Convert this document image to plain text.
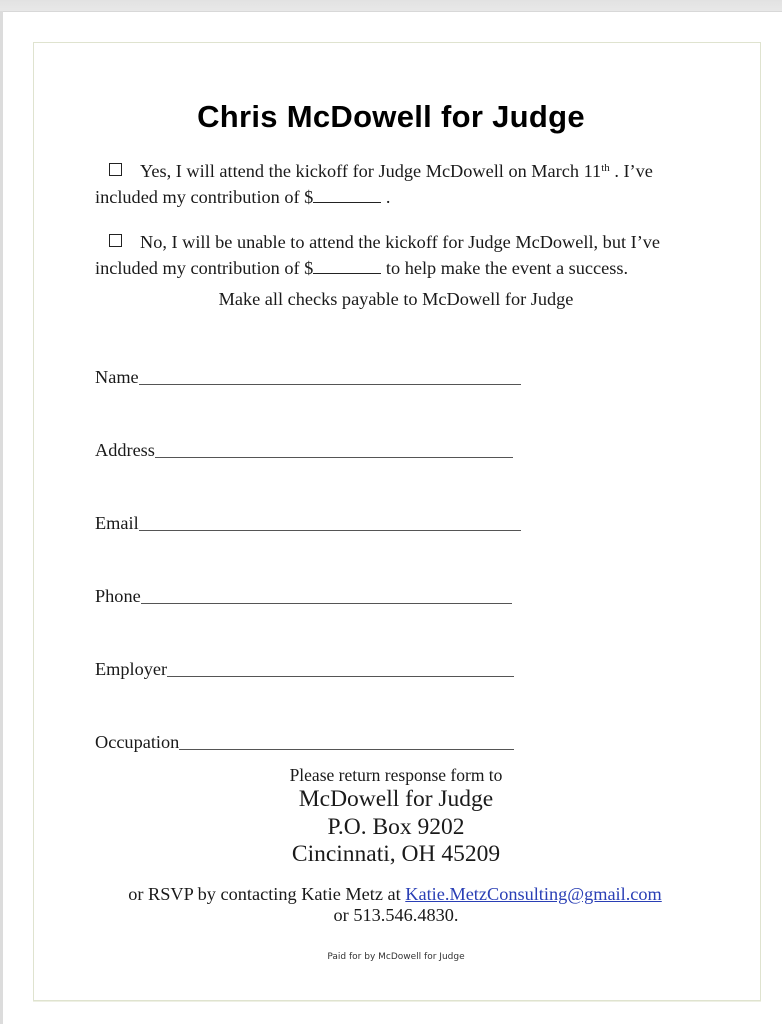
Chris McDowell for Judge
Yes, I will attend the kickoff for Judge McDowell on March 11th . I’ve
included my contribution of $	.
No, I will be unable to attend the kickoff for Judge McDowell, but I’ve
included my contribution of $	to help make the event a success.
Make all checks payable to McDowell for Judge
Name
Address
Email
Phone
Employer
Occupation
Please return response form to
McDowell for Judge
P.O. Box 9202
Cincinnati, OH 45209
or RSVP by contacting Katie Metz at Katie.MetzConsulting@gmail.com
or 513.546.4830.
Paid for by McDowell for Judge
